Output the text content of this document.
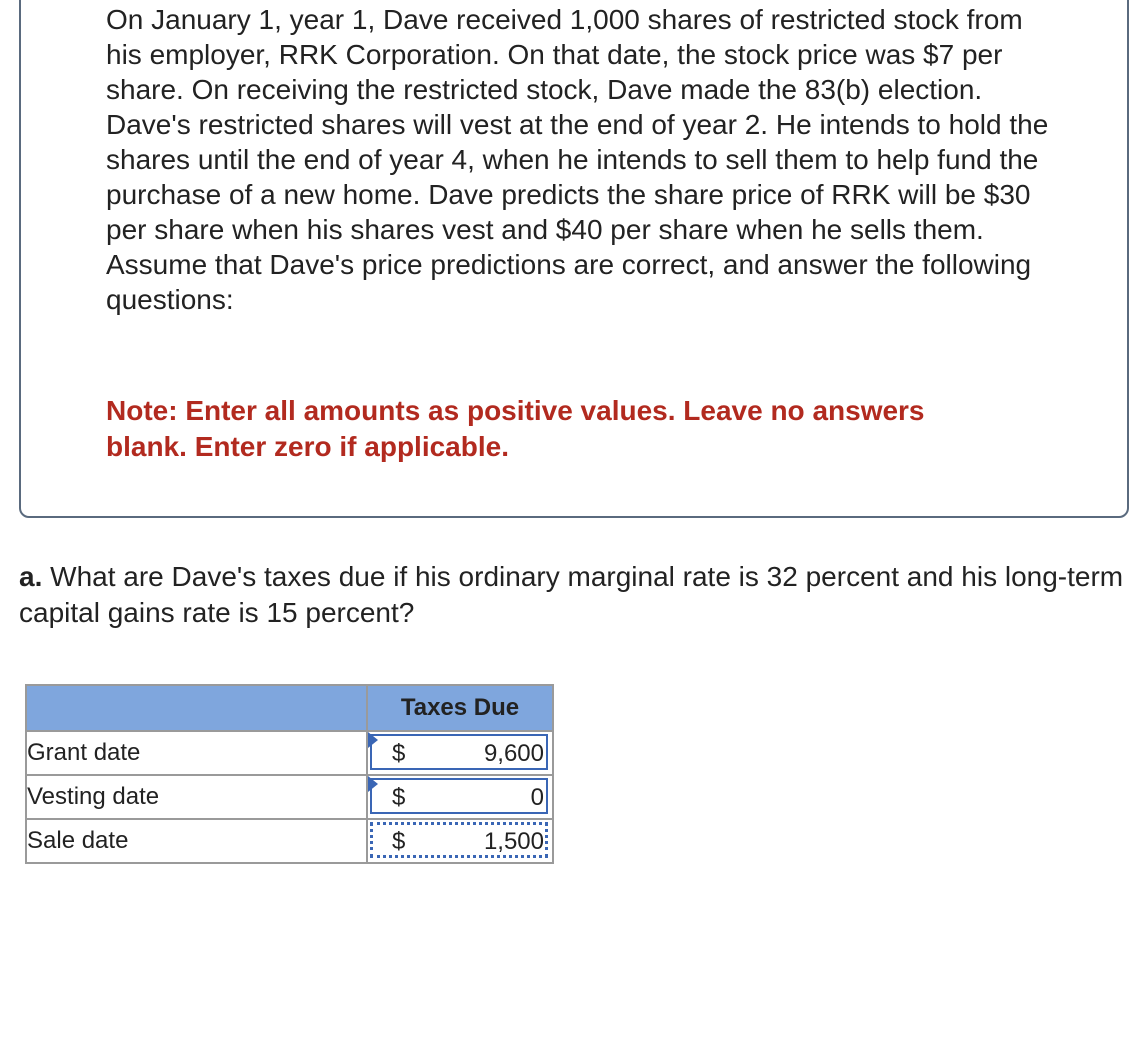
On January 1, year 1, Dave received 1,000 shares of restricted stock from his employer, RRK Corporation. On that date, the stock price was $7 per share. On receiving the restricted stock, Dave made the 83(b) election. Dave's restricted shares will vest at the end of year 2. He intends to hold the shares until the end of year 4, when he intends to sell them to help fund the purchase of a new home. Dave predicts the share price of RRK will be $30 per share when his shares vest and $40 per share when he sells them. Assume that Dave's price predictions are correct, and answer the following questions:

Note: Enter all amounts as positive values. Leave no answers blank. Enter zero if applicable.

a. What are Dave's taxes due if his ordinary marginal rate is 32 percent and his long-term capital gains rate is 15 percent?

	Taxes Due
Grant date	$ 9,600

Vesting date	$ 0

Sale date	$ 1,500
